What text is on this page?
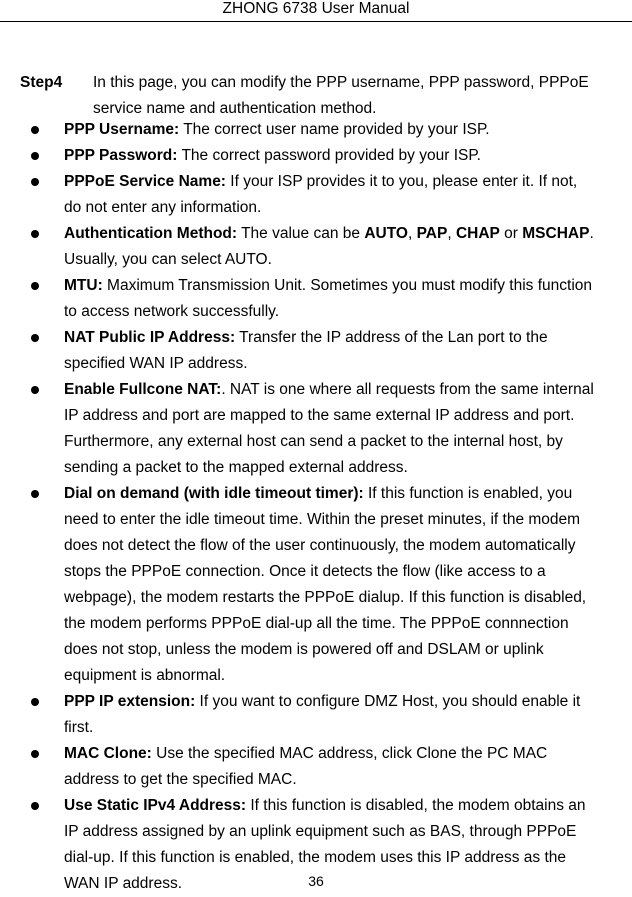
ZHONG 6738 User Manual
Step4 In this page, you can modify the PPP username, PPP password, PPPoE service name and authentication method.
PPP Username: The correct user name provided by your ISP.
PPP Password: The correct password provided by your ISP.
PPPoE Service Name: If your ISP provides it to you, please enter it. If not,
do not enter any information.
Authentication Method: The value can be AUTO, PAP, CHAP or MSCHAP.
Usually, you can select AUTO.
MTU: Maximum Transmission Unit. Sometimes you must modify this function
to access network successfully.
NAT Public IP Address: Transfer the IP address of the Lan port to the
specified WAN IP address.
Enable Fullcone NAT:. NAT is one where all requests from the same internal
IP address and port are mapped to the same external IP address and port.
Furthermore, any external host can send a packet to the internal host, by
sending a packet to the mapped external address.
Dial on demand (with idle timeout timer): If this function is enabled, you
need to enter the idle timeout time. Within the preset minutes, if the modem
does not detect the flow of the user continuously, the modem automatically
stops the PPPoE connection. Once it detects the flow (like access to a
webpage), the modem restarts the PPPoE dialup. If this function is disabled,
the modem performs PPPoE dial-up all the time. The PPPoE connnection
does not stop, unless the modem is powered off and DSLAM or uplink
equipment is abnormal.
PPP IP extension: If you want to configure DMZ Host, you should enable it
first.
MAC Clone: Use the specified MAC address, click Clone the PC MAC
address to get the specified MAC.
Use Static IPv4 Address: If this function is disabled, the modem obtains an
IP address assigned by an uplink equipment such as BAS, through PPPoE
dial-up. If this function is enabled, the modem uses this IP address as the
WAN IP address.	36
